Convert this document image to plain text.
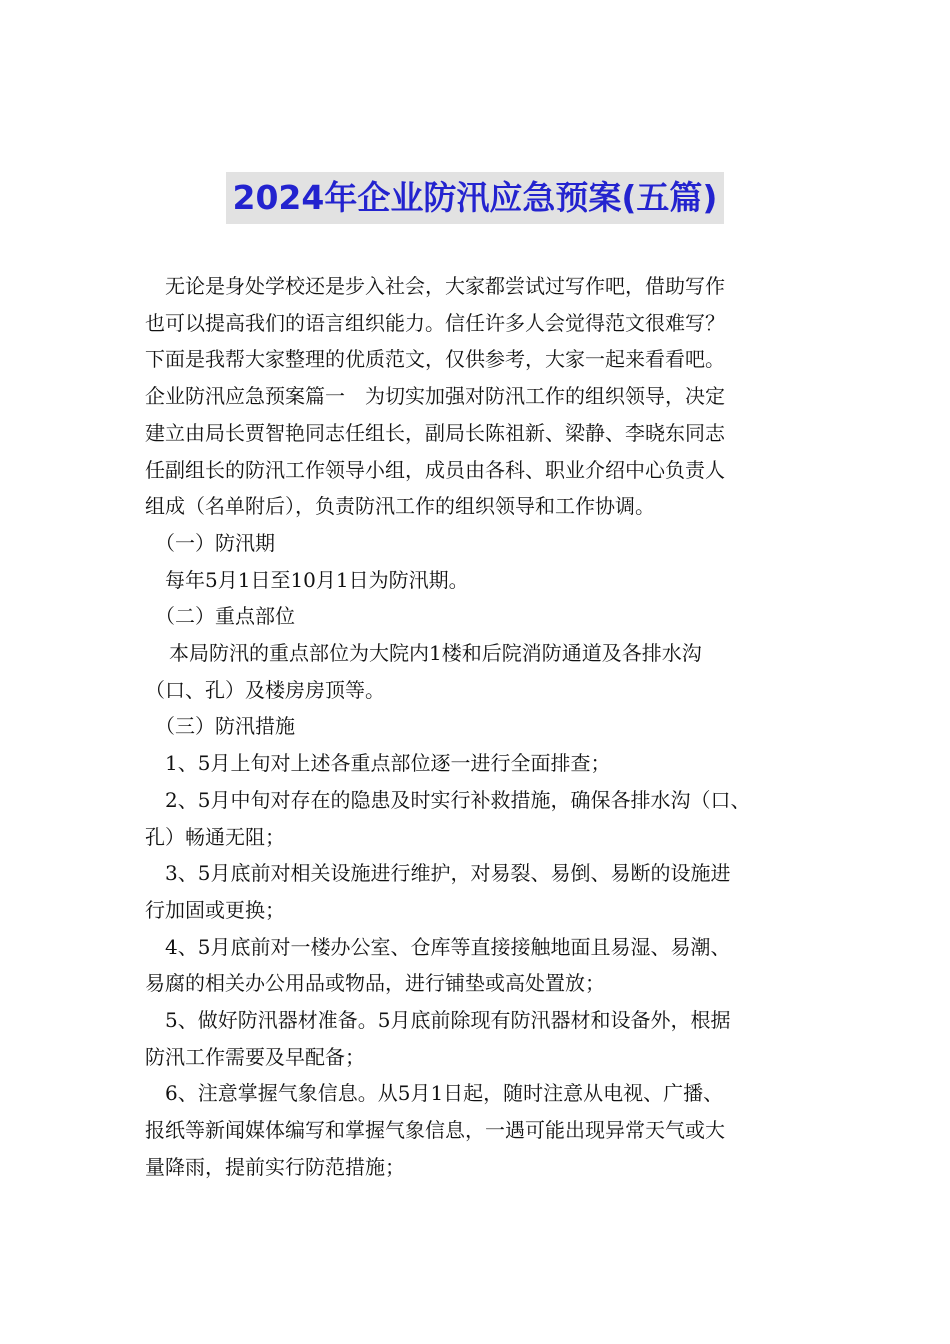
2024年企业防汛应急预案(五篇)
无论是身处学校还是步入社会，大家都尝试过写作吧，借助写作
也可以提高我们的语言组织能力。信任许多人会觉得范文很难写？
下面是我帮大家整理的优质范文，仅供参考，大家一起来看看吧。
企业防汛应急预案篇一　为切实加强对防汛工作的组织领导，决定
建立由局长贾智艳同志任组长，副局长陈祖新、梁静、李晓东同志
任副组长的防汛工作领导小组，成员由各科、职业介绍中心负责人
组成（名单附后），负责防汛工作的组织领导和工作协调。
（一）防汛期
每年5月1日至10月1日为防汛期。
（二）重点部位
本局防汛的重点部位为大院内1楼和后院消防通道及各排水沟
（口、孔）及楼房房顶等。
（三）防汛措施
1、5月上旬对上述各重点部位逐一进行全面排查；
2、5月中旬对存在的隐患及时实行补救措施，确保各排水沟（口、
孔）畅通无阻；
3、5月底前对相关设施进行维护，对易裂、易倒、易断的设施进
行加固或更换；
4、5月底前对一楼办公室、仓库等直接接触地面且易湿、易潮、
易腐的相关办公用品或物品，进行铺垫或高处置放；
5、做好防汛器材准备。5月底前除现有防汛器材和设备外，根据
防汛工作需要及早配备；
6、注意掌握气象信息。从5月1日起，随时注意从电视、广播、
报纸等新闻媒体编写和掌握气象信息，一遇可能出现异常天气或大
量降雨，提前实行防范措施；
